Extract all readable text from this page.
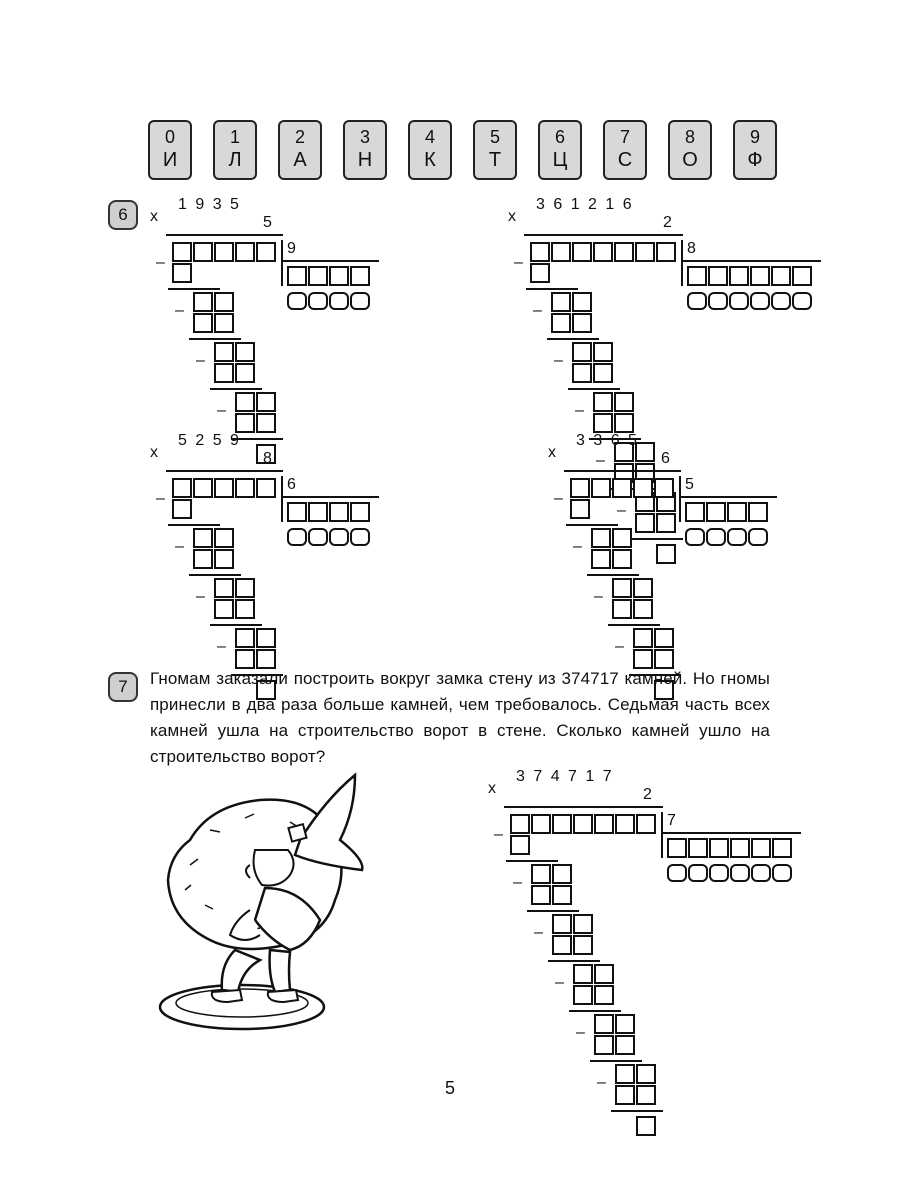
0
И
1
Л
2
А
3
Н
4
К
5
Т
6
Ц
7
С
8
О
9
Ф
6	x
1 9 3 5
5
9
–
–
–
–
x
3 6 1 2 1 6
2
8
–
–
–
–
–
–
x
5 2 5 9
8
6
–
–
–
–
x
3 3 6 5
6
5
–
–
–
–
7	Гномам заказали построить вокруг замка стену из 374717 камней. Но гномы принесли в два раза больше камней, чем требовалось. Седьмая часть всех камней ушла на строительство ворот в стене. Сколько камней ушло на строительство ворот?
x
3 7 4 7 1 7
2
7
–
–
–
–
–
–
5
